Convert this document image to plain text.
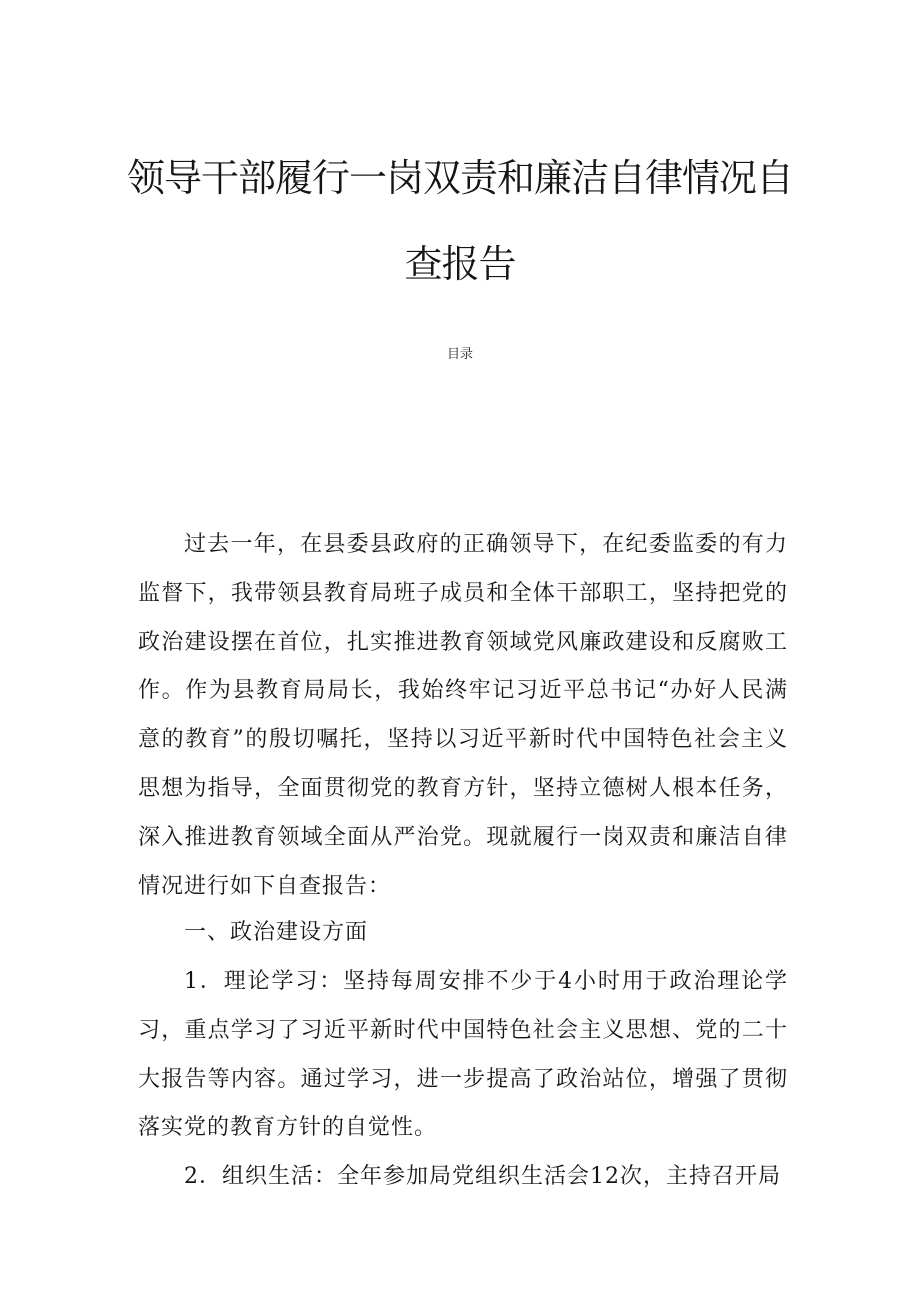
领导干部履行一岗双责和廉洁自律情况自
查报告
目录

过去一年，在县委县政府的正确领导下，在纪委监委的有力监督下，我带领县教育局班子成员和全体干部职工，坚持把党的政治建设摆在首位，扎实推进教育领域党风廉政建设和反腐败工作。作为县教育局局长，我始终牢记习近平总书记“办好人民满意的教育”的殷切嘱托，坚持以习近平新时代中国特色社会主义思想为指导，全面贯彻党的教育方针，坚持立德树人根本任务，深入推进教育领域全面从严治党。现就履行一岗双责和廉洁自律情况进行如下自查报告：

一、政治建设方面

1．理论学习：坚持每周安排不少于4小时用于政治理论学习，重点学习了习近平新时代中国特色社会主义思想、党的二十大报告等内容。通过学习，进一步提高了政治站位，增强了贯彻落实党的教育方针的自觉性。

2．组织生活：全年参加局党组织生活会12次，主持召开局
